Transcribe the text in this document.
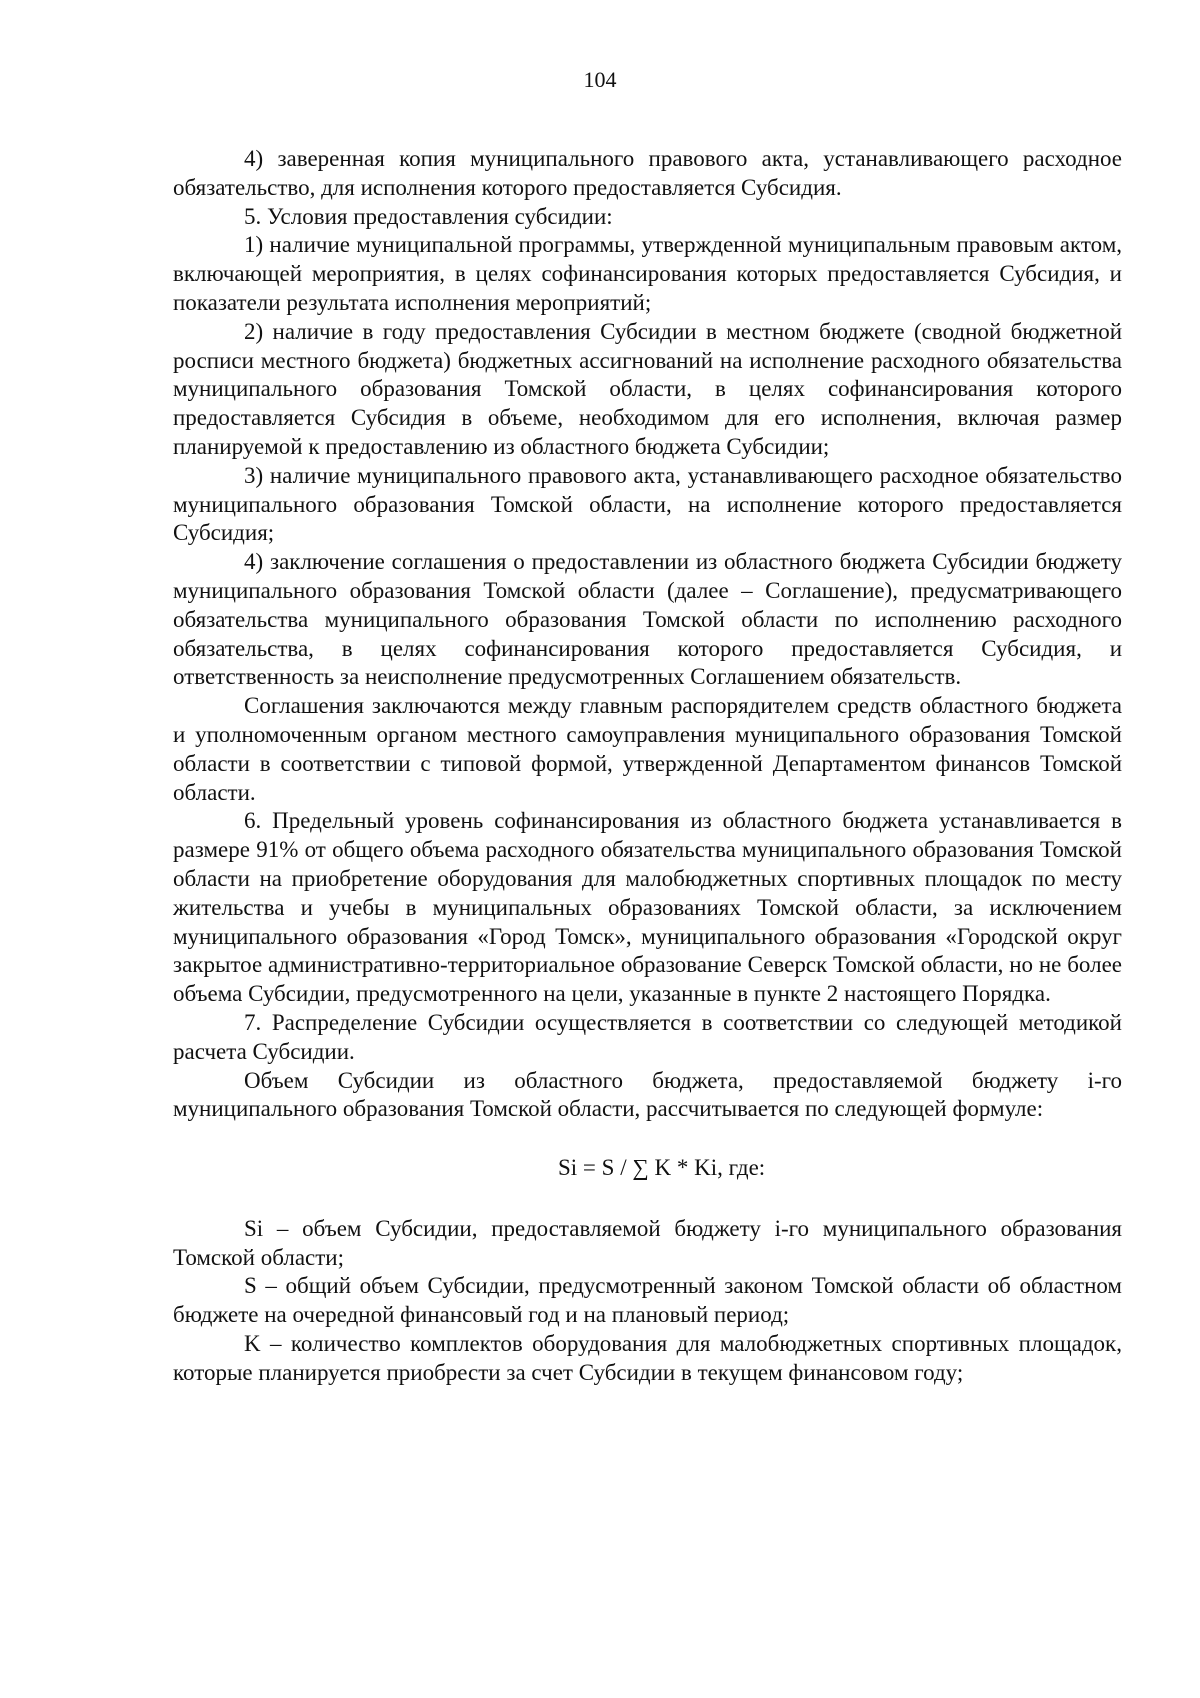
104

4) заверенная копия муниципального правового акта, устанавливающего расходное обязательство, для исполнения которого предоставляется Субсидия.

5. Условия предоставления субсидии:

1) наличие муниципальной программы, утвержденной муниципальным правовым актом, включающей мероприятия, в целях софинансирования которых предоставляется Субсидия, и показатели результата исполнения мероприятий;

2) наличие в году предоставления Субсидии в местном бюджете (сводной бюджетной росписи местного бюджета) бюджетных ассигнований на исполнение расходного обязательства муниципального образования Томской области, в целях софинансирования которого предоставляется Субсидия в объеме, необходимом для его исполнения, включая размер планируемой к предоставлению из областного бюджета Субсидии;

3) наличие муниципального правового акта, устанавливающего расходное обязательство муниципального образования Томской области, на исполнение которого предоставляется Субсидия;

4) заключение соглашения о предоставлении из областного бюджета Субсидии бюджету муниципального образования Томской области (далее – Соглашение), предусматривающего обязательства муниципального образования Томской области по исполнению расходного обязательства, в целях софинансирования которого предоставляется Субсидия, и ответственность за неисполнение предусмотренных Соглашением обязательств.

Соглашения заключаются между главным распорядителем средств областного бюджета и уполномоченным органом местного самоуправления муниципального образования Томской области в соответствии с типовой формой, утвержденной Департаментом финансов Томской области.

6. Предельный уровень софинансирования из областного бюджета устанавливается в размере 91% от общего объема расходного обязательства муниципального образования Томской области на приобретение оборудования для малобюджетных спортивных площадок по месту жительства и учебы в муниципальных образованиях Томской области, за исключением муниципального образования «Город Томск», муниципального образования «Городской округ закрытое административно-территориальное образование Северск Томской области, но не более объема Субсидии, предусмотренного на цели, указанные в пункте 2 настоящего Порядка.

7. Распределение Субсидии осуществляется в соответствии со следующей методикой расчета Субсидии.

Объем Субсидии из областного бюджета, предоставляемой бюджету i-го муниципального образования Томской области, рассчитывается по следующей формуле:

Si = S / ∑ K * Ki, где:

Si – объем Субсидии, предоставляемой бюджету i-го муниципального образования Томской области;

S – общий объем Субсидии, предусмотренный законом Томской области об областном бюджете на очередной финансовый год и на плановый период;

K – количество комплектов оборудования для малобюджетных спортивных площадок, которые планируется приобрести за счет Субсидии в текущем финансовом году;
